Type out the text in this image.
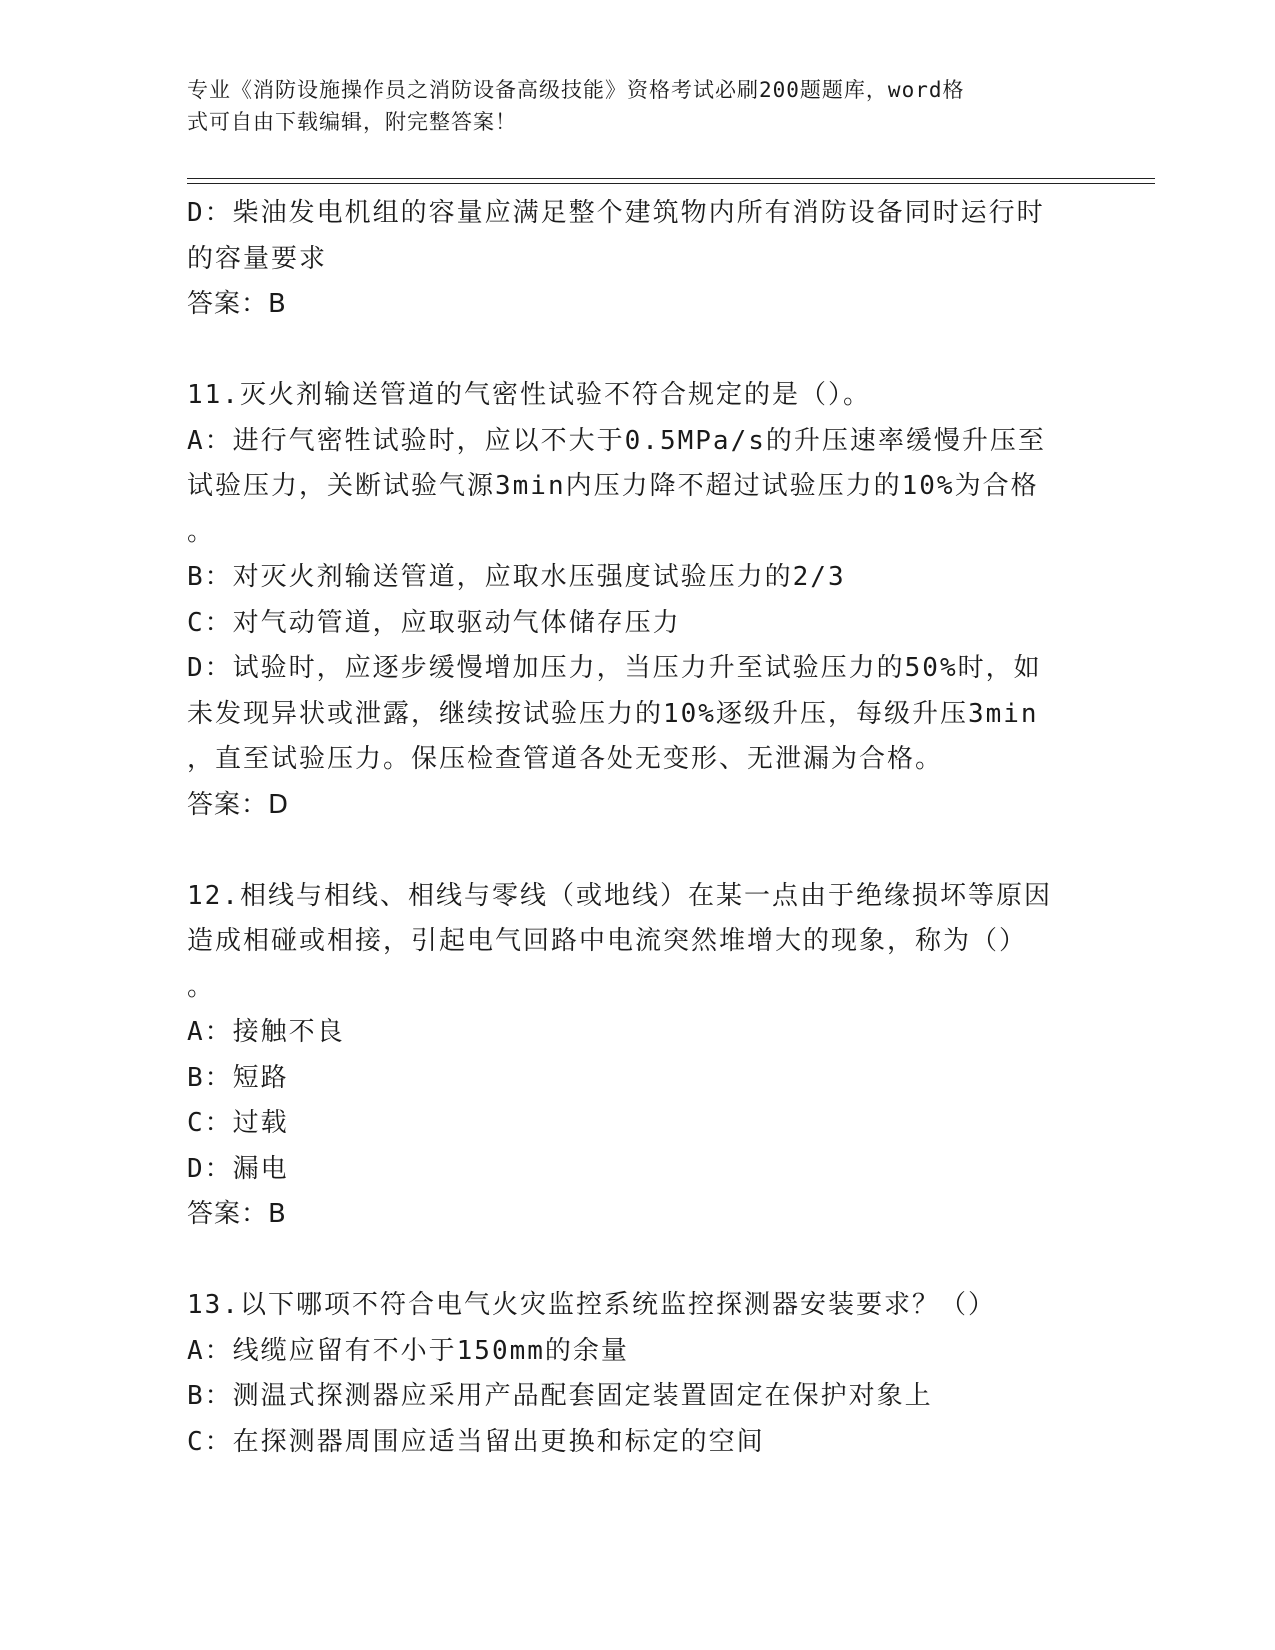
专业《消防设施操作员之消防设备高级技能》资格考试必刷200题题库，word格
式可自由下载编辑，附完整答案！
D：柴油发电机组的容量应满足整个建筑物内所有消防设备同时运行时
的容量要求
答案：B
11.灭火剂输送管道的气密性试验不符合规定的是（）。
A：进行气密牲试验时，应以不大于0.5MPa/s的升压速率缓慢升压至
试验压力，关断试验气源3min内压力降不超过试验压力的10%为合格
。
B：对灭火剂输送管道，应取水压强度试验压力的2/3
C：对气动管道，应取驱动气体储存压力
D：试验时，应逐步缓慢增加压力，当压力升至试验压力的50%时，如
未发现异状或泄露，继续按试验压力的10%逐级升压，每级升压3min
，直至试验压力。保压检查管道各处无变形、无泄漏为合格。
答案：D
12.相线与相线、相线与零线（或地线）在某一点由于绝缘损坏等原因
造成相碰或相接，引起电气回路中电流突然堆增大的现象，称为（）
。
A：接触不良
B：短路
C：过载
D：漏电
答案：B
13.以下哪项不符合电气火灾监控系统监控探测器安装要求？（）
A：线缆应留有不小于150mm的余量
B：测温式探测器应采用产品配套固定装置固定在保护对象上
C：在探测器周围应适当留出更换和标定的空间
